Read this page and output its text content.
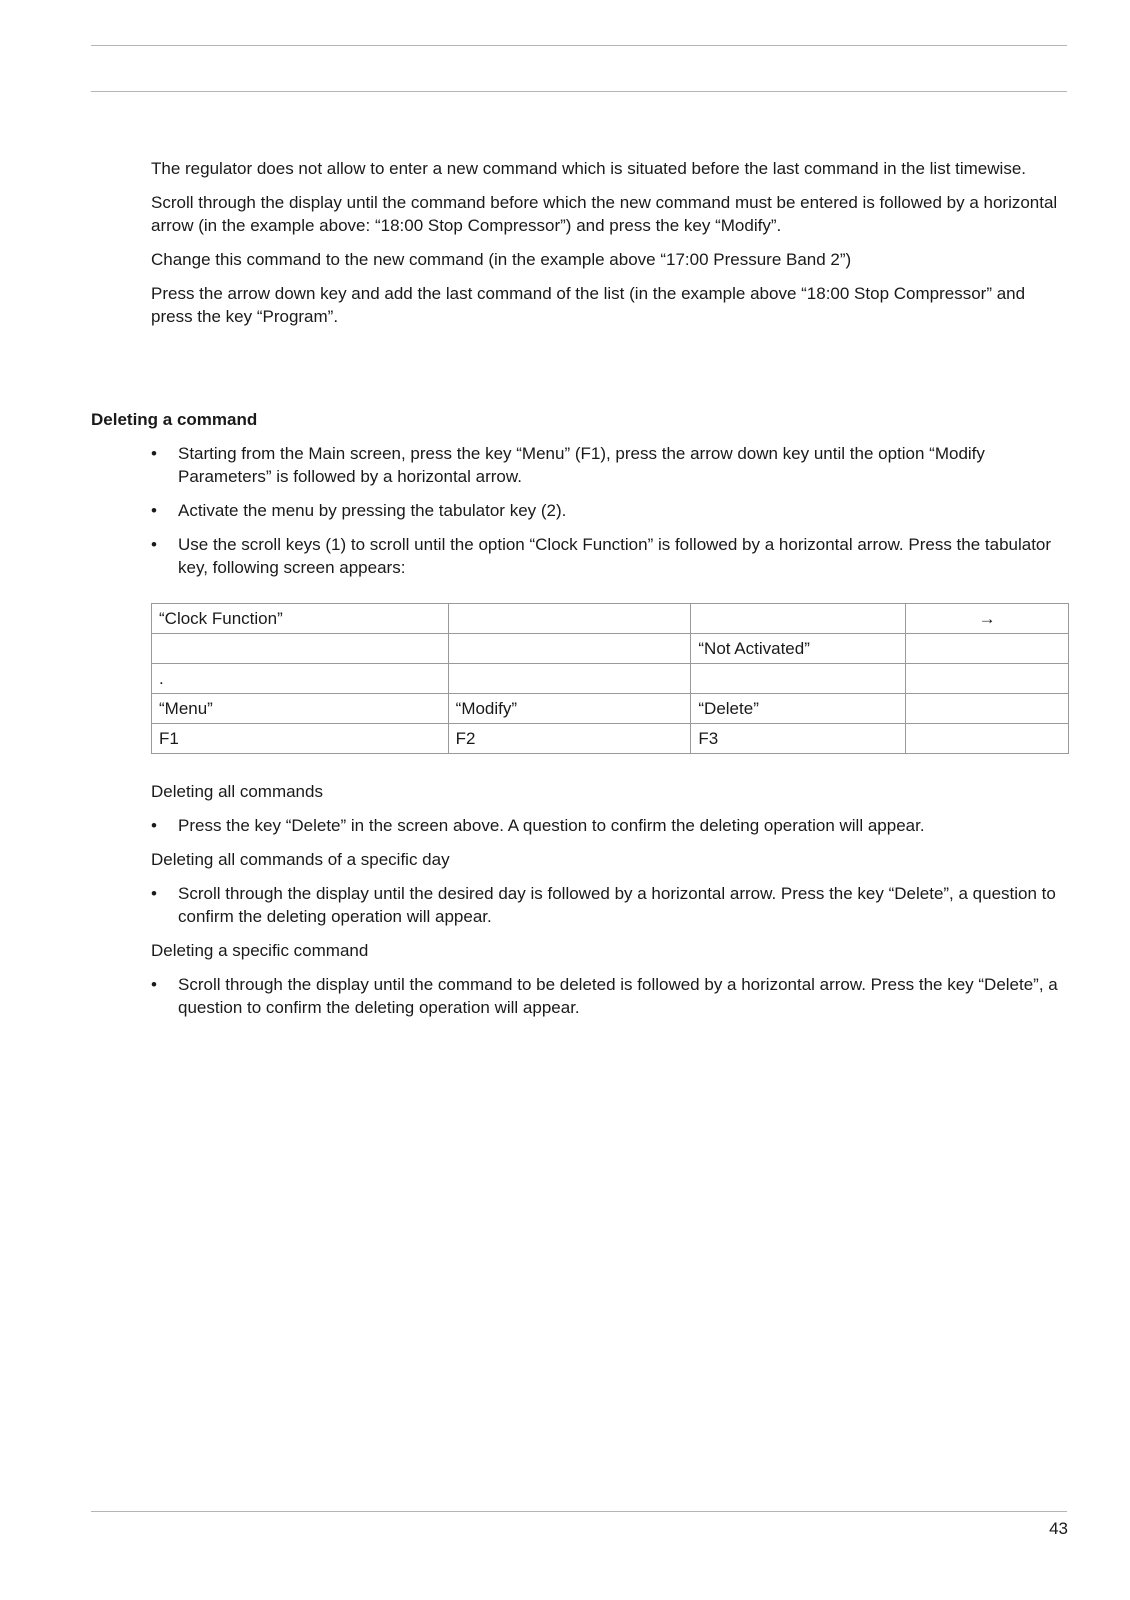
The regulator does not allow to enter a new command which is situated before the last command in the list timewise.

Scroll through the display until the command before which the new command must be entered is followed by a horizontal arrow (in the example above: “18:00 Stop Compressor”) and press the key “Modify”.

Change this command to the new command (in the example above “17:00 Pressure Band 2”)

Press the arrow down key and add the last command of the list (in the example above “18:00 Stop Compressor” and press the key “Program”.

Deleting a command
• Starting from the Main screen, press the key “Menu” (F1), press the arrow down key until the option “Modify Parameters” is followed by a horizontal arrow.
• Activate the menu by pressing the tabulator key (2).
• Use the scroll keys (1) to scroll until the option “Clock Function” is followed by a horizontal arrow. Press the tabulator key, following screen appears:
“Clock Function”			→
		“Not Activated”	
.			
“Menu”	“Modify”	“Delete”	
F1	F2	F3	

Deleting all commands

• Press the key “Delete” in the screen above. A question to confirm the deleting operation will appear.

Deleting all commands of a specific day

• Scroll through the display until the desired day is followed by a horizontal arrow. Press the key “Delete”, a question to confirm the deleting operation will appear.

Deleting a specific command

• Scroll through the display until the command to be deleted is followed by a horizontal arrow. Press the key “Delete”, a question to confirm the deleting operation will appear.
43
